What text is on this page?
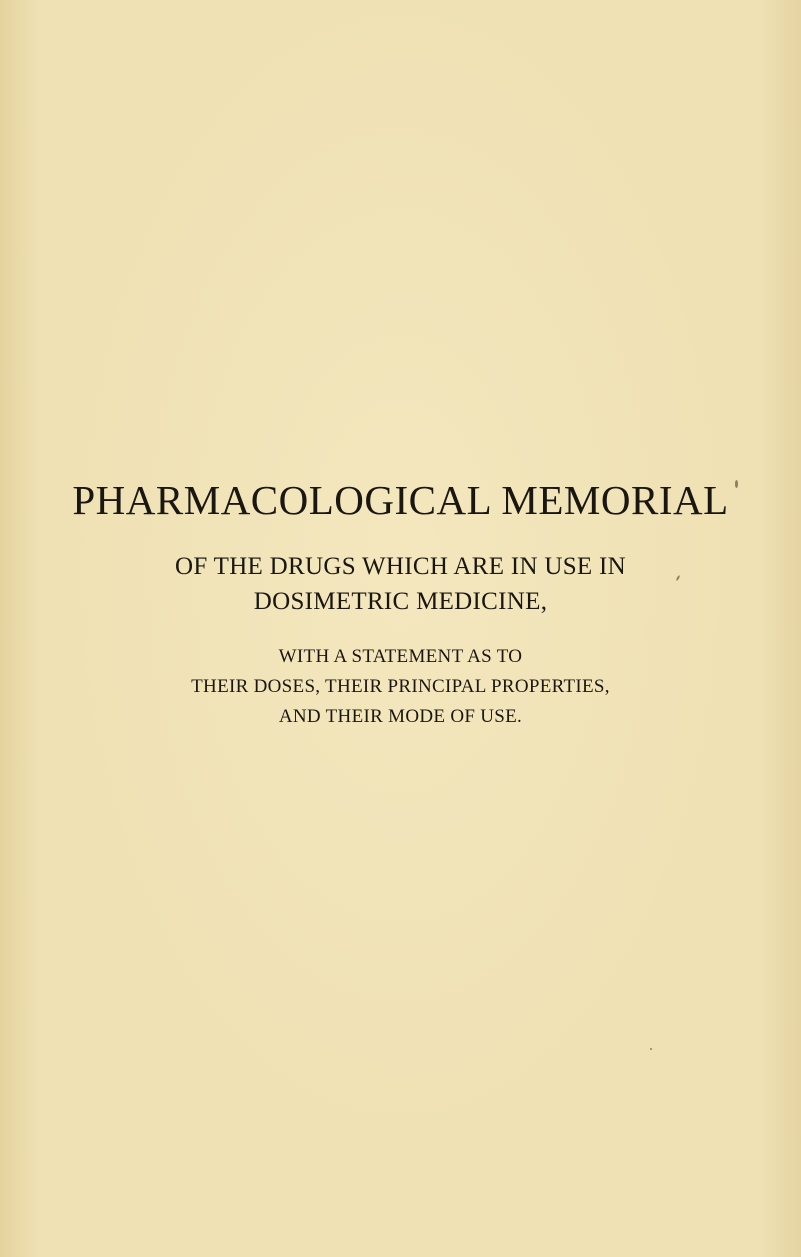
PHARMACOLOGICAL MEMORIAL
OF THE DRUGS WHICH ARE IN USE IN
DOSIMETRIC MEDICINE,
WITH A STATEMENT AS TO
THEIR DOSES, THEIR PRINCIPAL PROPERTIES,
AND THEIR MODE OF USE.
